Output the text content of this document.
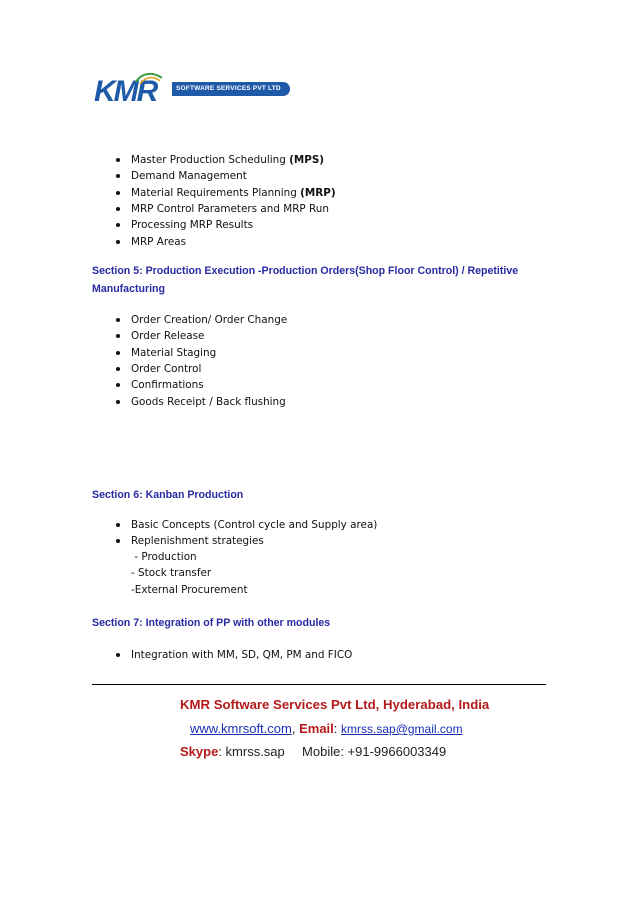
KMR	SOFTWARE SERVICES PVT LTD
Master Production Scheduling (MPS)
Demand Management
Material Requirements Planning (MRP)
MRP Control Parameters and MRP Run
Processing MRP Results
MRP Areas
Section 5: Production Execution -Production Orders(Shop Floor Control) / Repetitive
Manufacturing
Order Creation/ Order Change
Order Release
Material Staging
Order Control
Confirmations
Goods Receipt / Back flushing
Section 6: Kanban Production
Basic Concepts (Control cycle and Supply area)
Replenishment strategies
- Production
- Stock transfer
-External Procurement
Section 7: Integration of PP with other modules
Integration with MM, SD, QM, PM and FICO
KMR Software Services Pvt Ltd, Hyderabad, India
www.kmrsoft.com, Email: kmrss.sap@gmail.com
Skype: kmrss.sap Mobile: +91-9966003349
